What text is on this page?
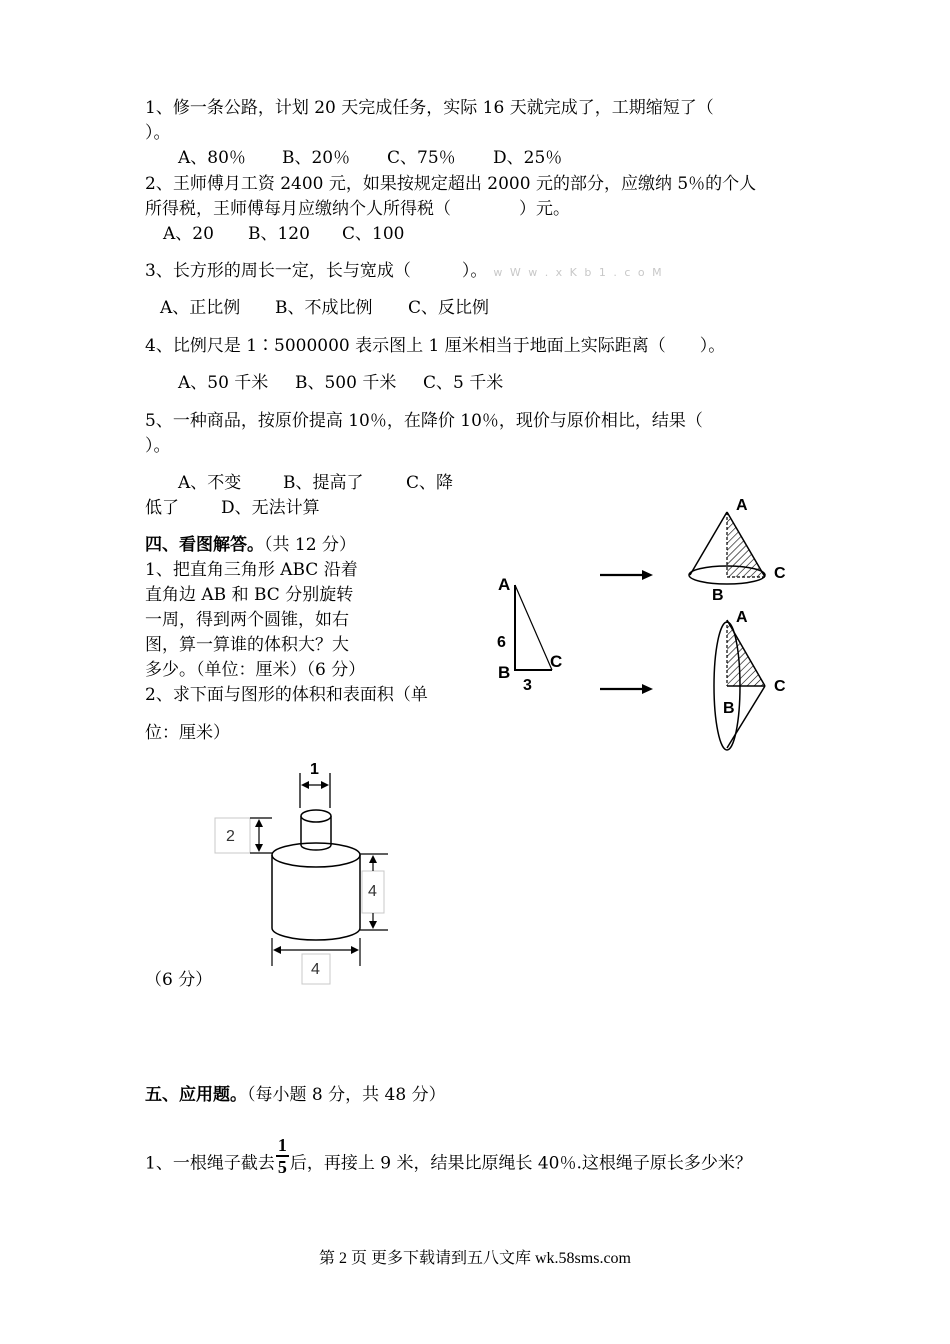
1、修一条公路，计划 20 天完成任务，实际 16 天就完成了，工期缩短了（
）。
A、80％ B、20％ C、75％ D、25％
2、王师傅月工资 2400 元，如果按规定超出 2000 元的部分，应缴纳 5％的个人
所得税，王师傅每月应缴纳个人所得税（　　　　）元。
A、20 B、120 C、100
3、长方形的周长一定，长与宽成（　　　）。 w W w . x K b 1 . c o M
A、正比例 B、不成比例 C、反比例
4、比例尺是 1∶5000000 表示图上 1 厘米相当于地面上实际距离（　　）。
A、50 千米 B、500 千米 C、5 千米
5、一种商品，按原价提高 10％，在降价 10％，现价与原价相比，结果（
）。
A、不变 B、提高了	C、降
低了 D、无法计算
四、看图解答。（共 12 分）
1、把直角三角形 ABC 沿着
直角边 AB 和 BC 分别旋转
一周，得到两个圆锥，如右
图，算一算谁的体积大？大
多少。（单位：厘米）（6 分）
2、求下面与图形的体积和表面积（单
位：厘米）
A
B
C
6
3
A
C
B
A
C
B
1
2
4
4
（6 分）
五、应用题。（每小题 8 分，共 48 分）
1、一根绳子截去 $\frac{1}{5}$ 后，再接上 9 米，结果比原绳长 40％.这根绳子原长多少米？
第 2 页 更多下载请到五八文库 wk.58sms.com
